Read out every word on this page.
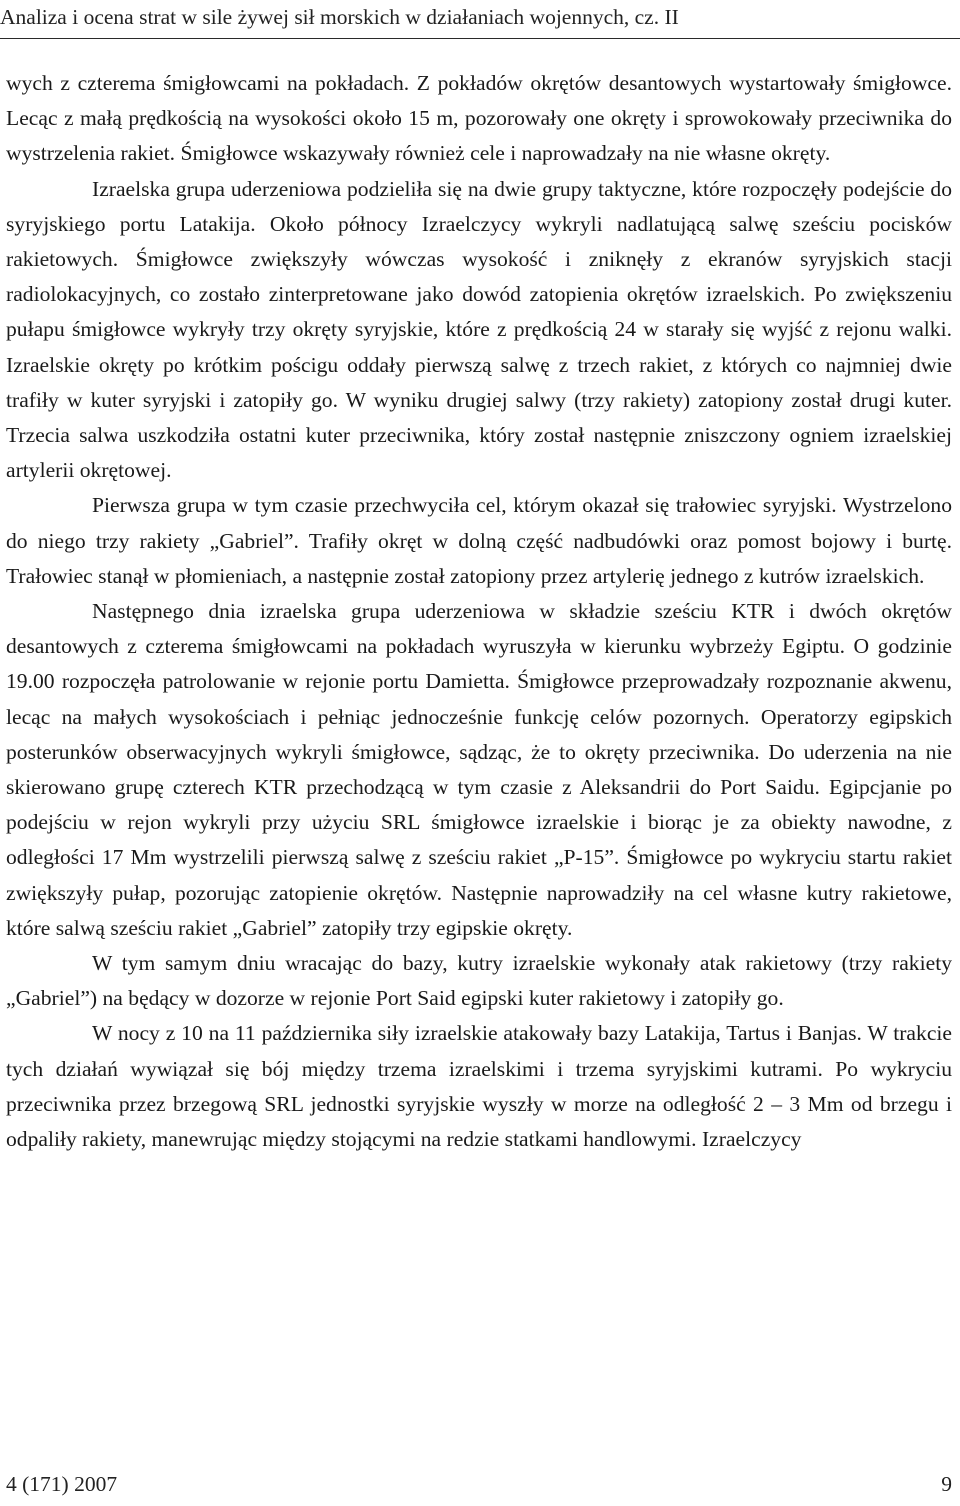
Analiza i ocena strat w sile żywej sił morskich w działaniach wojennych, cz. II

wych z czterema śmigłowcami na pokładach. Z pokładów okrętów desantowych wystartowały śmigłowce. Lecąc z małą prędkością na wysokości około 15 m, pozorowały one okręty i sprowokowały przeciwnika do wystrzelenia rakiet. Śmigłowce wskazywały również cele i naprowadzały na nie własne okręty.

Izraelska grupa uderzeniowa podzieliła się na dwie grupy taktyczne, które rozpoczęły podejście do syryjskiego portu Latakija. Około północy Izraelczycy wykryli nadlatującą salwę sześciu pocisków rakietowych. Śmigłowce zwiększyły wówczas wysokość i zniknęły z ekranów syryjskich stacji radiolokacyjnych, co zostało zinterpretowane jako dowód zatopienia okrętów izraelskich. Po zwiększeniu pułapu śmigłowce wykryły trzy okręty syryjskie, które z prędkością 24 w starały się wyjść z rejonu walki. Izraelskie okręty po krótkim pościgu oddały pierwszą salwę z trzech rakiet, z których co najmniej dwie trafiły w kuter syryjski i zatopiły go. W wyniku drugiej salwy (trzy rakiety) zatopiony został drugi kuter. Trzecia salwa uszkodziła ostatni kuter przeciwnika, który został następnie zniszczony ogniem izraelskiej artylerii okrętowej.

Pierwsza grupa w tym czasie przechwyciła cel, którym okazał się trałowiec syryjski. Wystrzelono do niego trzy rakiety „Gabriel”. Trafiły okręt w dolną część nadbudówki oraz pomost bojowy i burtę. Trałowiec stanął w płomieniach, a następnie został zatopiony przez artylerię jednego z kutrów izraelskich.

Następnego dnia izraelska grupa uderzeniowa w składzie sześciu KTR i dwóch okrętów desantowych z czterema śmigłowcami na pokładach wyruszyła w kierunku wybrzeży Egiptu. O godzinie 19.00 rozpoczęła patrolowanie w rejonie portu Damietta. Śmigłowce przeprowadzały rozpoznanie akwenu, lecąc na małych wysokościach i pełniąc jednocześnie funkcję celów pozornych. Operatorzy egipskich posterunków obserwacyjnych wykryli śmigłowce, sądząc, że to okręty przeciwnika. Do uderzenia na nie skierowano grupę czterech KTR przechodzącą w tym czasie z Aleksandrii do Port Saidu. Egipcjanie po podejściu w rejon wykryli przy użyciu SRL śmigłowce izraelskie i biorąc je za obiekty nawodne, z odległości 17 Mm wystrzelili pierwszą salwę z sześciu rakiet „P-15”. Śmigłowce po wykryciu startu rakiet zwiększyły pułap, pozorując zatopienie okrętów. Następnie naprowadziły na cel własne kutry rakietowe, które salwą sześciu rakiet „Gabriel” zatopiły trzy egipskie okręty.

W tym samym dniu wracając do bazy, kutry izraelskie wykonały atak rakietowy (trzy rakiety „Gabriel”) na będący w dozorze w rejonie Port Said egipski kuter rakietowy i zatopiły go.

W nocy z 10 na 11 października siły izraelskie atakowały bazy Latakija, Tartus i Banjas. W trakcie tych działań wywiązał się bój między trzema izraelskimi i trzema syryjskimi kutrami. Po wykryciu przeciwnika przez brzegową SRL jednostki syryjskie wyszły w morze na odległość 2 – 3 Mm od brzegu i odpaliły rakiety, manewrując między stojącymi na redzie statkami handlowymi. Izraelczycy

4 (171) 2007	9
